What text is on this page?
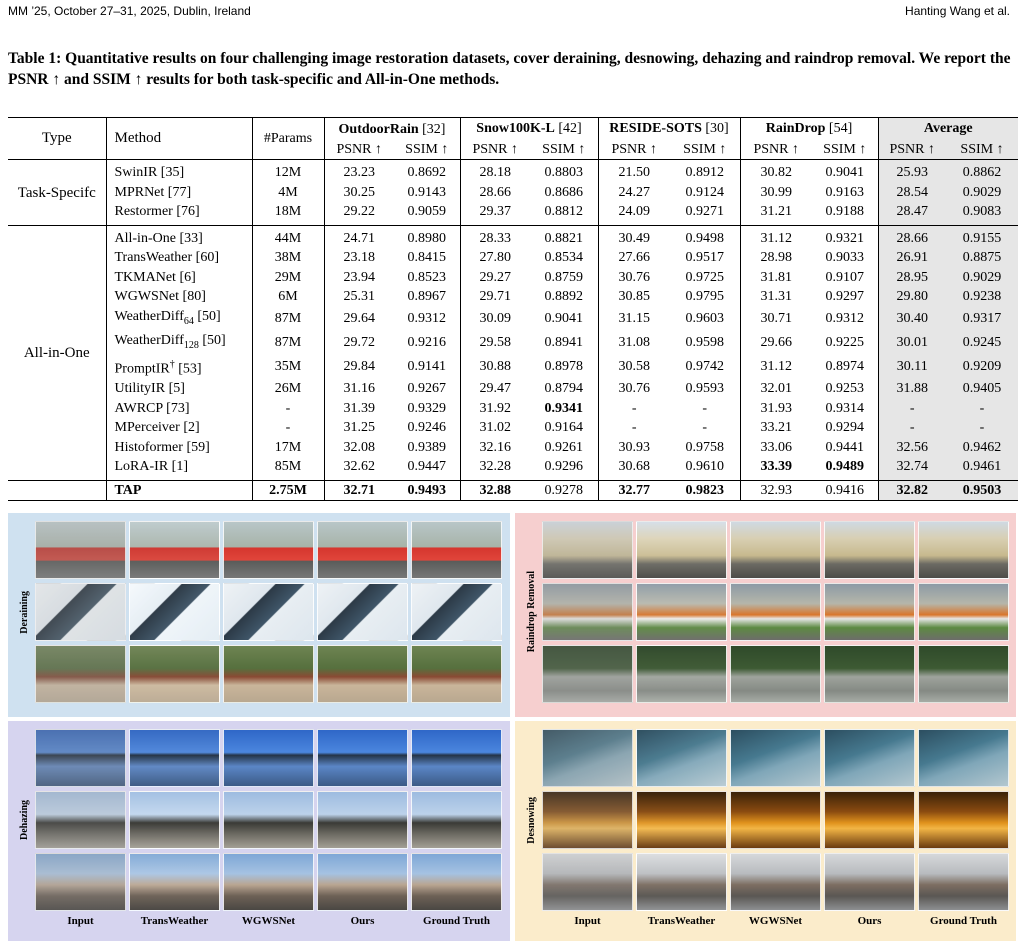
MM ’25, October 27–31, 2025, Dublin, Ireland	Hanting Wang et al.
Table 1: Quantitative results on four challenging image restoration datasets, cover deraining, desnowing, dehazing and raindrop removal. We report the PSNR ↑ and SSIM ↑ results for both task-specific and All-in-One methods.
Type	Method	#Params	OutdoorRain [32]		Snow100K-L [42]		RESIDE-SOTS [30]		RainDrop [54]		Average	
			PSNR ↑	SSIM ↑	PSNR ↑	SSIM ↑	PSNR ↑	SSIM ↑	PSNR ↑	SSIM ↑	PSNR ↑	SSIM ↑
Task-Specifc	SwinIR [35]	12M	23.23	0.8692	28.18	0.8803	21.50	0.8912	30.82	0.9041	25.93	0.8862
	MPRNet [77]	4M	30.25	0.9143	28.66	0.8686	24.27	0.9124	30.99	0.9163	28.54	0.9029
	Restormer [76]	18M	29.22	0.9059	29.37	0.8812	24.09	0.9271	31.21	0.9188	28.47	0.9083
All-in-One	All-in-One [33]	44M	24.71	0.8980	28.33	0.8821	30.49	0.9498	31.12	0.9321	28.66	0.9155
	TransWeather [60]	38M	23.18	0.8415	27.80	0.8534	27.66	0.9517	28.98	0.9033	26.91	0.8875
	TKMANet [6]	29M	23.94	0.8523	29.27	0.8759	30.76	0.9725	31.81	0.9107	28.95	0.9029
	WGWSNet [80]	6M	25.31	0.8967	29.71	0.8892	30.85	0.9795	31.31	0.9297	29.80	0.9238
	WeatherDiff$_{64}$ [50]	87M	29.64	0.9312	30.09	0.9041	31.15	0.9603	30.71	0.9312	30.40	0.9317
	WeatherDiff$_{128}$ [50]	87M	29.72	0.9216	29.58	0.8941	31.08	0.9598	29.66	0.9225	30.01	0.9245
	PromptIR† [53]	35M	29.84	0.9141	30.88	0.8978	30.58	0.9742	31.12	0.8974	30.11	0.9209
	UtilityIR [5]	26M	31.16	0.9267	29.47	0.8794	30.76	0.9593	32.01	0.9253	31.88	0.9405
	AWRCP [73]	-	31.39	0.9329	31.92	0.9341	-	-	31.93	0.9314	-	-
	MPerceiver [2]	-	31.25	0.9246	31.02	0.9164	-	-	33.21	0.9294	-	-
	Histoformer [59]	17M	32.08	0.9389	32.16	0.9261	30.93	0.9758	33.06	0.9441	32.56	0.9462
	LoRA-IR [1]	85M	32.62	0.9447	32.28	0.9296	30.68	0.9610	33.39	0.9489	32.74	0.9461
	TAP	2.75M	32.71	0.9493	32.88	0.9278	32.77	0.9823	32.93	0.9416	32.82	0.9503
Deraining	Raindrop Removal
Dehazing
Input	TransWeather	WGWSNet	Ours	Ground Truth
Desnowing
Input	TransWeather	WGWSNet	Ours	Ground Truth
